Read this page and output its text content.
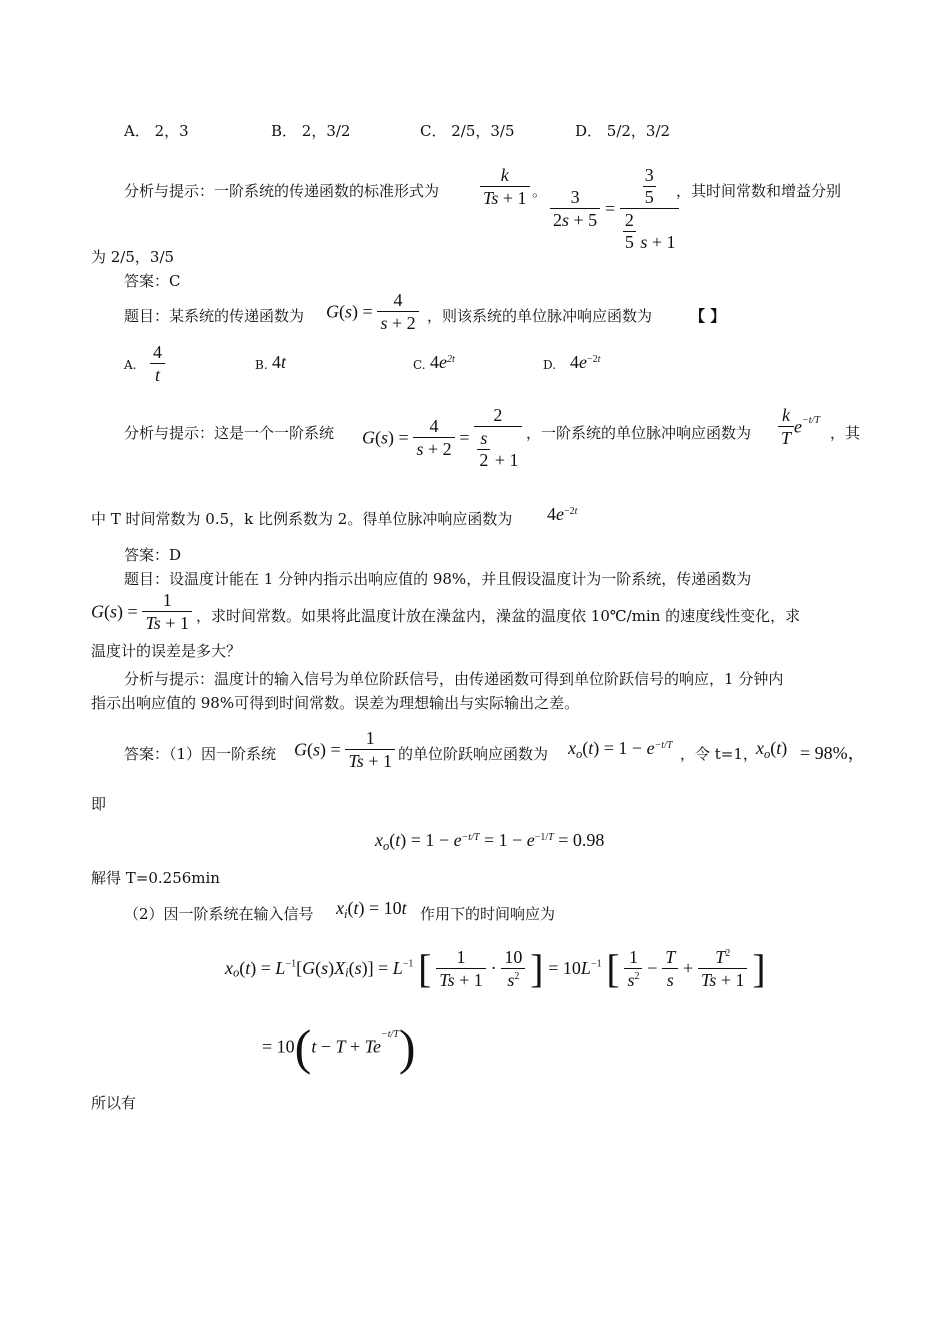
A． 2，3	B． 2，3/2	C． 2/5，3/5	D． 5/2，3/2
分析与提示：一阶系统的传递函数的标准形式为 $\frac{k}{Ts + 1}$ 。 $\frac{3}{2s + 5}$ =
3
5
$\frac{2}{5}$ s + 1
，其时间常数和增益分别
为 2/5，3/5
答案：C
题目：某系统的传递函数为 $G(s) = \frac{4}{s + 2}$ ，则该系统的单位脉冲响应函数为	【 】
A. $\frac{4}{t}$	B. 4t	C. $4e^{2t}$	D. $4e^{-2t}$
分析与提示：这是一个一阶系统 $G(s) = \frac{4}{s + 2}$ =
2
$\frac{s}{2} + 1$
，一阶系统的单位脉冲响应函数为 $\frac{k}{T} e^{-t/T}$
，其
中 T 时间常数为 0.5，k 比例系数为 2。得单位脉冲响应函数为 $4e^{-2t}$
答案：D
题目：设温度计能在 1 分钟内指示出响应值的 98%，并且假设温度计为一阶系统，传递函数为
$G(s) = \frac{1}{Ts + 1}$ ，求时间常数。如果将此温度计放在澡盆内，澡盆的温度依 10℃/min 的速度线性变化，求
温度计的误差是多大？
分析与提示：温度计的输入信号为单位阶跃信号，由传递函数可得到单位阶跃信号的响应，1 分钟内
指示出响应值的 98%可得到时间常数。误差为理想输出与实际输出之差。
答案：（1）因一阶系统 $G(s) = \frac{1}{Ts + 1}$ 的单位阶跃响应函数为 $x_o(t) = 1 - e^{-t/T}$ ，令 t=1，
$x_o(t) = 98\%$，
即
$x_o(t) = 1 - e^{-t/T} = 1 - e^{-1/T} = 0.98$
解得 T=0.256min
（2）因一阶系统在输入信号 $x_i(t) = 10t$ 作用下的时间响应为
$x_o(t) = L^{-1}[G(s)X_i(s)] = L^{-1}$ [ $\frac{1}{Ts + 1} \cdot \frac{10}{s^2}$ ] = $10L^{-1}$ [ $\frac{1}{s^2} - \frac{T}{s} + \frac{T^2}{Ts + 1}$ ]
= $10(t - T + Te^{-t/T})$
所以有
